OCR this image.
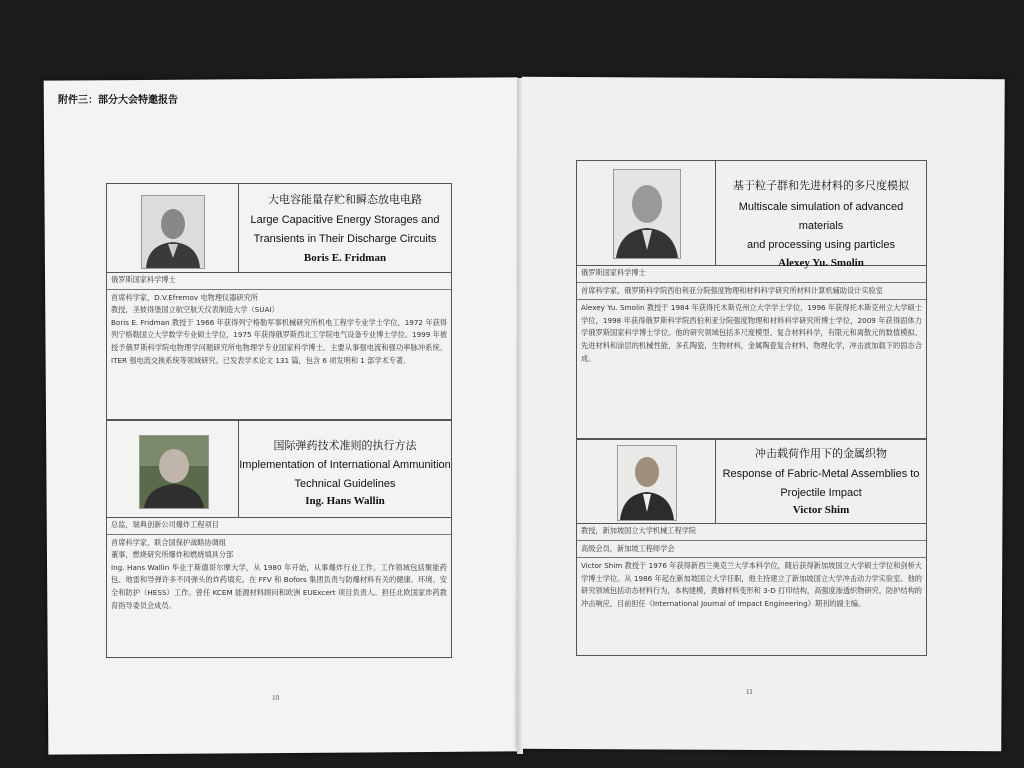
附件三：部分大会特邀报告
大电容能量存贮和瞬态放电电路
Large Capacitive Energy Storages and
Transients in Their Discharge Circuits
Boris E. Fridman
俄罗斯国家科学博士
首席科学家，D.V.Efremov 电物理仪器研究所
教授，圣彼得堡国立航空航天仪表制造大学（SUAI）
Boris E. Fridman 教授于 1966 年获得列宁格勒军事机械研究所机电工程学专业学士学位，1972 年获得列宁格勒国立大学数学专业硕士学位，1975 年获得俄罗斯西北工学院电气设备专业博士学位。1999 年被授予俄罗斯科学院电物理学问题研究所电物理学专业国家科学博士。主要从事强电流和强功率脉冲系统、ITER 强电流交换系统等领域研究。已发表学术论文 131 篇，包含 6 项发明和 1 部学术专著。
国际弹药技术准则的执行方法
Implementation of International Ammunition
Technical Guidelines
Ing. Hans Wallin
总监，瑞典创新公司爆炸工程项目
首席科学家，联合国保护战略协调组
董事，燃烧研究所爆炸和燃烧填具分部
Ing. Hans Wallin 毕业于斯德哥尔摩大学，从 1980 年开始，从事爆炸行业工作。工作领域包括聚能药包、地雷和导弹许多不同弹头的炸药填充。在 FFV 和 Bofors 集团负责与防爆材料有关的健康、环境、安全和防护（HESS）工作。曾任 KCEM 能源材料顾问和欧洲 EUExcert 项目负责人。担任北欧国家炸药教育指导委员会成员。
10
基于粒子群和先进材料的多尺度模拟
Multiscale simulation of advanced materials
and processing using particles
Alexey Yu. Smolin
俄罗斯国家科学博士
首席科学家，俄罗斯科学院西伯利亚分院强度物理和材料科学研究所材料计算机辅助设计实验室
Alexey Yu. Smolin 教授于 1984 年获得托木斯克州立大学学士学位，1996 年获得托木斯克州立大学硕士学位，1998 年获得俄罗斯科学院西伯利亚分院强度物理和材料科学研究所博士学位，2009 年获得固体力学俄罗斯国家科学博士学位。他的研究领域包括多尺度模型、复合材料科学，有限元和离散元的数值模拟、先进材料和涂层的机械性能，多孔陶瓷，生物材料，金属陶瓷复合材料，物理化学，冲击波加载下的固态合成。
冲击载荷作用下的金属织物
Response of Fabric-Metal Assemblies to
Projectile Impact
Victor Shim
教授，新加坡国立大学机械工程学院
高级会员，新加坡工程师学会
Victor Shim 教授于 1976 年获得新西兰奥克兰大学本科学位，随后获得新加坡国立大学硕士学位和剑桥大学博士学位。从 1986 年起在新加坡国立大学任职，他主持建立了新加坡国立大学冲击动力学实验室。他的研究领域包括动态材料行为，本构建模，黄蜂材料变形和 3-D 打印结构，高强度渗透织物研究，防护结构的冲击响应，目前担任《International Journal of Impact Engineering》期刊的副主编。
11
